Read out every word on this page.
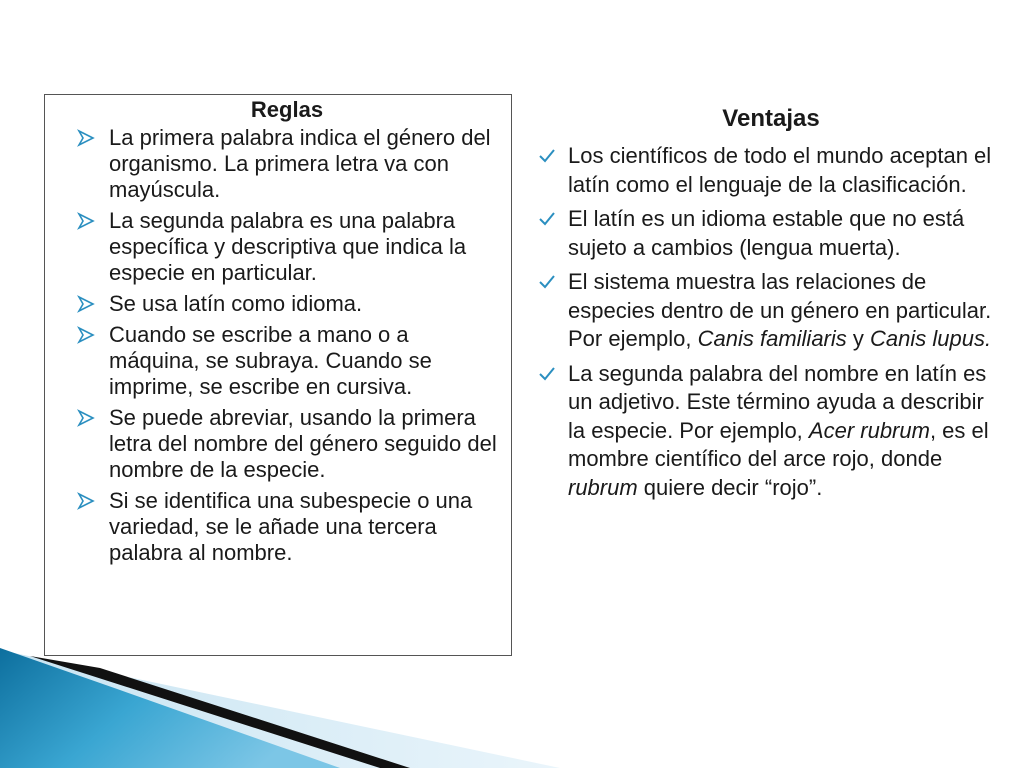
Reglas
La primera palabra indica el género del organismo. La primera letra va con mayúscula.
La segunda palabra es una palabra específica y descriptiva que indica la especie en particular.
Se usa latín como idioma.
Cuando se escribe a mano o a máquina, se subraya. Cuando se imprime, se escribe en cursiva.
Se puede abreviar, usando la primera letra del nombre del género seguido del nombre de la especie.
Si se identifica una subespecie o una variedad, se le añade una tercera palabra al nombre.
Ventajas
Los científicos de todo el mundo aceptan el latín como el lenguaje de la clasificación.
El latín es un idioma estable que no está sujeto a cambios (lengua muerta).
El sistema muestra las relaciones de especies dentro de un género en particular. Por ejemplo, Canis familiaris y Canis lupus.
La segunda palabra del nombre en latín es un adjetivo. Este término ayuda a describir la especie. Por ejemplo, Acer rubrum, es el mombre científico del arce rojo, donde rubrum quiere decir “rojo”.
